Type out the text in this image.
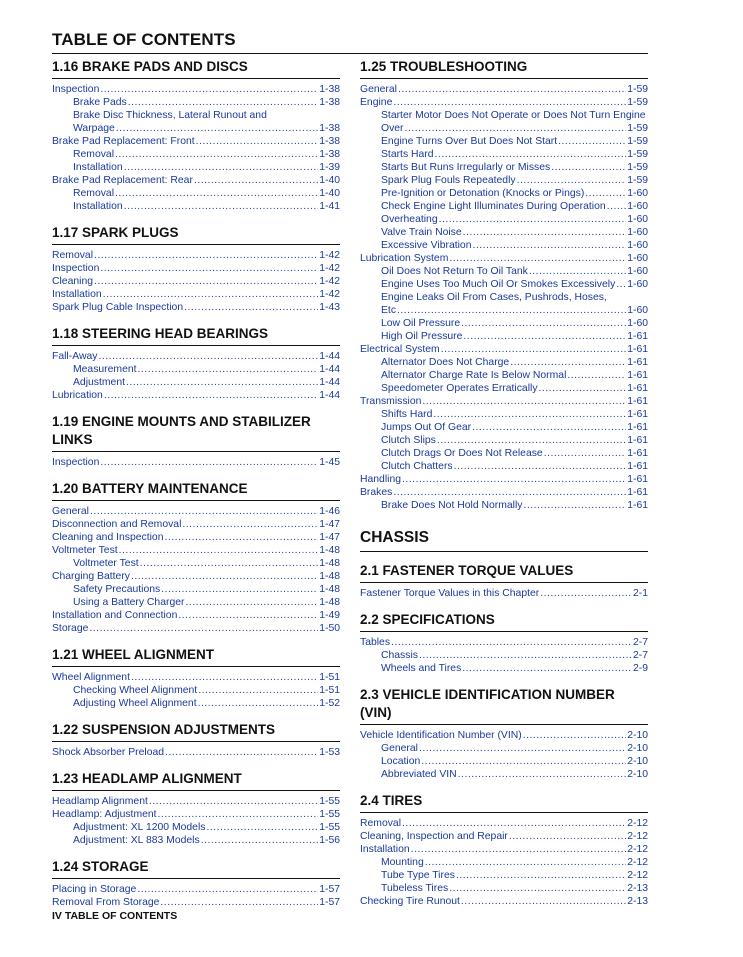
TABLE OF CONTENTS
1.16 BRAKE PADS AND DISCS
Inspection .....	1-38
Brake Pads .....	1-38
Brake Disc Thickness, Lateral Runout and
Warpage .....	1-38
Brake Pad Replacement: Front .....	1-38
Removal .....	1-38
Installation .....	1-39
Brake Pad Replacement: Rear .....	1-40
Removal .....	1-40
Installation .....	1-41
1.17 SPARK PLUGS
Removal .....	1-42
Inspection .....	1-42
Cleaning .....	1-42
Installation .....	1-42
Spark Plug Cable Inspection .....	1-43
1.18 STEERING HEAD BEARINGS
Fall-Away .....	1-44
Measurement .....	1-44
Adjustment .....	1-44
Lubrication .....	1-44
1.19 ENGINE MOUNTS AND STABILIZER LINKS
Inspection .....	1-45
1.20 BATTERY MAINTENANCE
General .....	1-46
Disconnection and Removal .....	1-47
Cleaning and Inspection .....	1-47
Voltmeter Test .....	1-48
Voltmeter Test .....	1-48
Charging Battery .....	1-48
Safety Precautions .....	1-48
Using a Battery Charger .....	1-48
Installation and Connection .....	1-49
Storage .....	1-50
1.21 WHEEL ALIGNMENT
Wheel Alignment .....	1-51
Checking Wheel Alignment .....	1-51
Adjusting Wheel Alignment .....	1-52
1.22 SUSPENSION ADJUSTMENTS
Shock Absorber Preload .....	1-53
1.23 HEADLAMP ALIGNMENT
Headlamp Alignment .....	1-55
Headlamp: Adjustment .....	1-55
Adjustment: XL 1200 Models .....	1-55
Adjustment: XL 883 Models .....	1-56
1.24 STORAGE
Placing in Storage .....	1-57
Removal From Storage .....	1-57
1.25 TROUBLESHOOTING
General .....	1-59
Engine .....	1-59
Starter Motor Does Not Operate or Does Not Turn Engine
Over .....	1-59
Engine Turns Over But Does Not Start .....	1-59
Starts Hard .....	1-59
Starts But Runs Irregularly or Misses .....	1-59
Spark Plug Fouls Repeatedly .....	1-59
Pre-Ignition or Detonation (Knocks or Pings) .....	1-60
Check Engine Light Illuminates During Operation ..... 1-60
Overheating .....	1-60
Valve Train Noise .....	1-60
Excessive Vibration .....	1-60
Lubrication System .....	1-60
Oil Does Not Return To Oil Tank .....	1-60
Engine Uses Too Much Oil Or Smokes Excessively ..... 1-60
Engine Leaks Oil From Cases, Pushrods, Hoses,
Etc .....	1-60
Low Oil Pressure .....	1-60
High Oil Pressure .....	1-61
Electrical System .....	1-61
Alternator Does Not Charge .....	1-61
Alternator Charge Rate Is Below Normal .....	1-61
Speedometer Operates Erratically .....	1-61
Transmission .....	1-61
Shifts Hard .....	1-61
Jumps Out Of Gear .....	1-61
Clutch Slips .....	1-61
Clutch Drags Or Does Not Release .....	1-61
Clutch Chatters .....	1-61
Handling .....	1-61
Brakes .....	1-61
Brake Does Not Hold Normally .....	1-61
CHASSIS
2.1 FASTENER TORQUE VALUES
Fastener Torque Values in this Chapter .....	2-1
2.2 SPECIFICATIONS
Tables .....	2-7
Chassis .....	2-7
Wheels and Tires .....	2-9
2.3 VEHICLE IDENTIFICATION NUMBER (VIN)
Vehicle Identification Number (VIN) .....	2-10
General .....	2-10
Location .....	2-10
Abbreviated VIN .....	2-10
2.4 TIRES
Removal .....	2-12
Cleaning, Inspection and Repair .....	2-12
Installation .....	2-12
Mounting .....	2-12
Tube Type Tires .....	2-12
Tubeless Tires .....	2-13
Checking Tire Runout .....	2-13
IV TABLE OF CONTENTS
